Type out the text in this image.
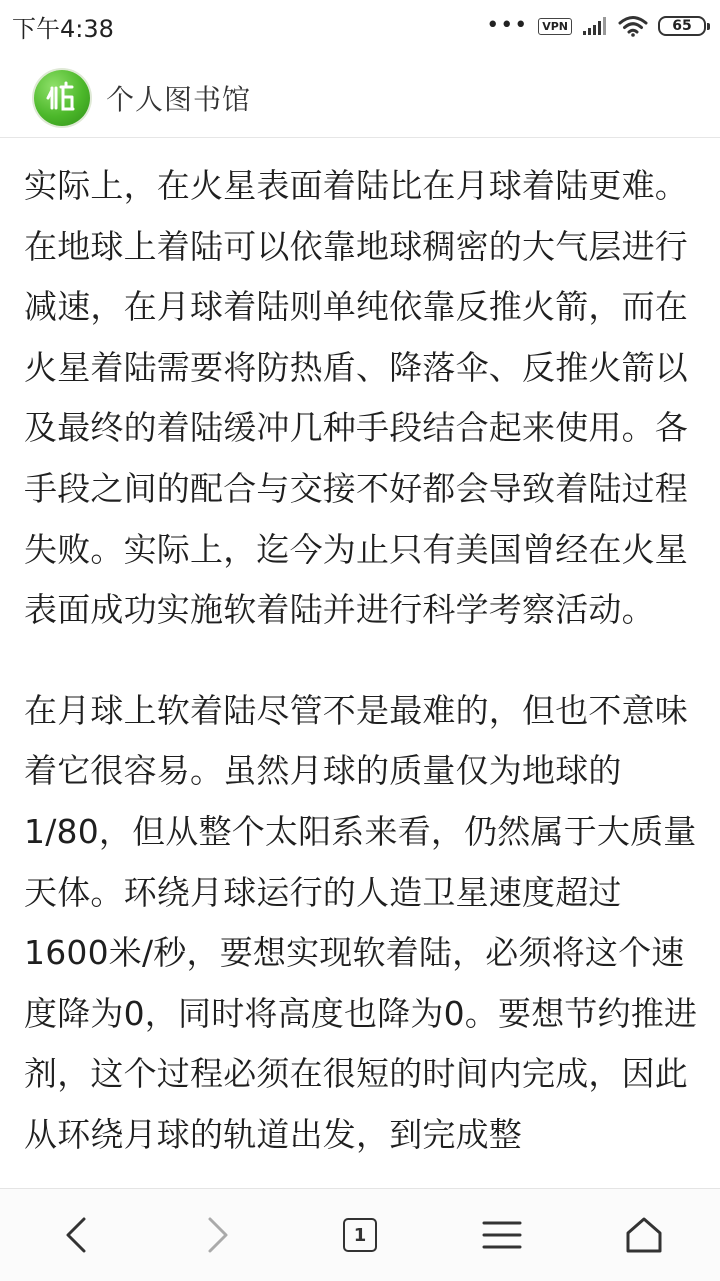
下午4:38	•••	VPN	65
个人图书馆

实际上，在火星表面着陆比在月球着陆更难。在地球上着陆可以依靠地球稠密的大气层进行减速，在月球着陆则单纯依靠反推火箭，而在火星着陆需要将防热盾、降落伞、反推火箭以及最终的着陆缓冲几种手段结合起来使用。各手段之间的配合与交接不好都会导致着陆过程失败。实际上，迄今为止只有美国曾经在火星表面成功实施软着陆并进行科学考察活动。

在月球上软着陆尽管不是最难的，但也不意味着它很容易。虽然月球的质量仅为地球的1/80，但从整个太阳系来看，仍然属于大质量天体。环绕月球运行的人造卫星速度超过1600米/秒，要想实现软着陆，必须将这个速度降为0，同时将高度也降为0。要想节约推进剂，这个过程必须在很短的时间内完成，因此从环绕月球的轨道出发，到完成整

1
